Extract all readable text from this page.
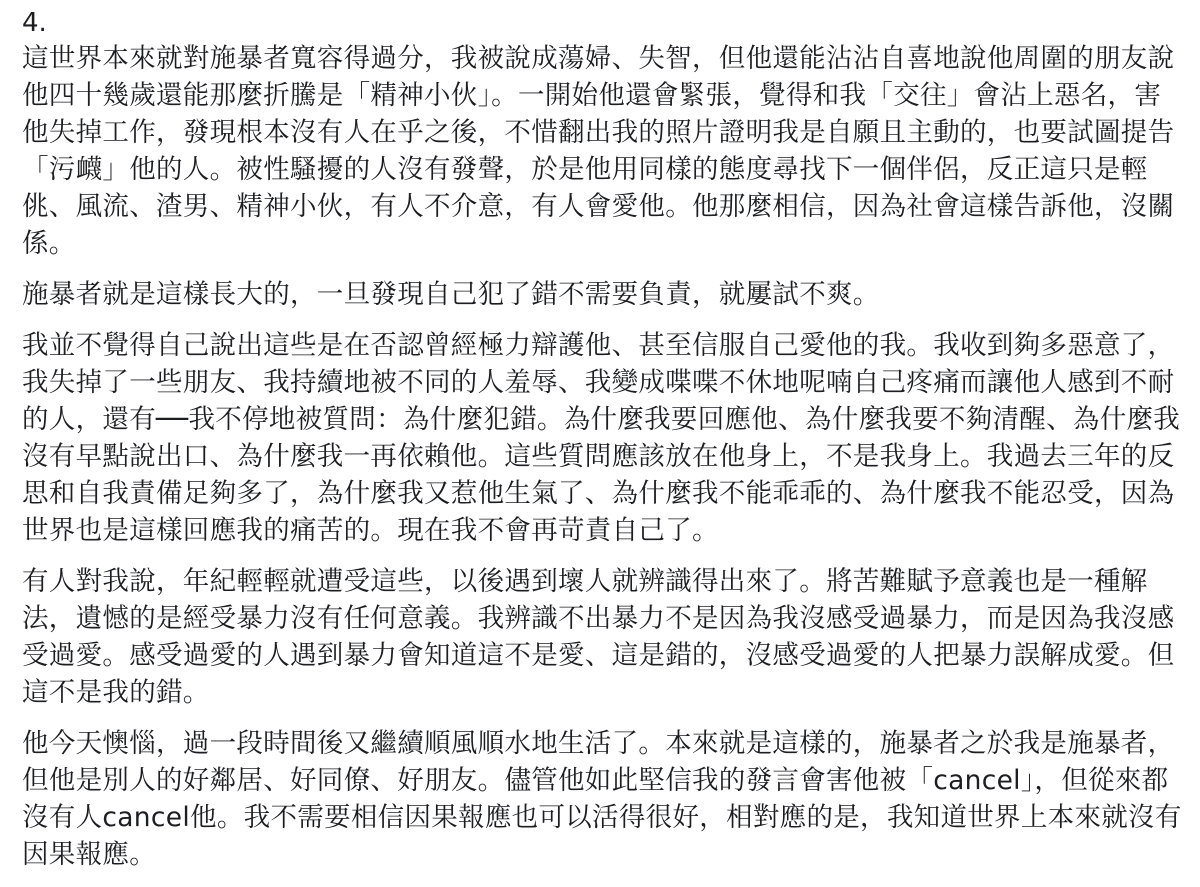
4.
這世界本來就對施暴者寬容得過分，我被說成蕩婦、失智，但他還能沾沾自喜地說他周圍的朋友說
他四十幾歲還能那麼折騰是「精神小伙」。一開始他還會緊張，覺得和我「交往」會沾上惡名，害
他失掉工作，發現根本沒有人在乎之後，不惜翻出我的照片證明我是自願且主動的，也要試圖提告
「污衊」他的人。被性騷擾的人沒有發聲，於是他用同樣的態度尋找下一個伴侶，反正這只是輕
佻、風流、渣男、精神小伙，有人不介意，有人會愛他。他那麼相信，因為社會這樣告訴他，沒關
係。
施暴者就是這樣長大的，一旦發現自己犯了錯不需要負責，就屢試不爽。
我並不覺得自己說出這些是在否認曾經極力辯護他、甚至信服自己愛他的我。我收到夠多惡意了，
我失掉了一些朋友、我持續地被不同的人羞辱、我變成喋喋不休地呢喃自己疼痛而讓他人感到不耐
的人，還有──我不停地被質問：為什麼犯錯。為什麼我要回應他、為什麼我要不夠清醒、為什麼我
沒有早點說出口、為什麼我一再依賴他。這些質問應該放在他身上，不是我身上。我過去三年的反
思和自我責備足夠多了，為什麼我又惹他生氣了、為什麼我不能乖乖的、為什麼我不能忍受，因為
世界也是這樣回應我的痛苦的。現在我不會再苛責自己了。
有人對我說，年紀輕輕就遭受這些，以後遇到壞人就辨識得出來了。將苦難賦予意義也是一種解
法，遺憾的是經受暴力沒有任何意義。我辨識不出暴力不是因為我沒感受過暴力，而是因為我沒感
受過愛。感受過愛的人遇到暴力會知道這不是愛、這是錯的，沒感受過愛的人把暴力誤解成愛。但
這不是我的錯。
他今天懊惱，過一段時間後又繼續順風順水地生活了。本來就是這樣的，施暴者之於我是施暴者，
但他是別人的好鄰居、好同僚、好朋友。儘管他如此堅信我的發言會害他被「cancel」，但從來都
沒有人cancel他。我不需要相信因果報應也可以活得很好，相對應的是，我知道世界上本來就沒有
因果報應。
